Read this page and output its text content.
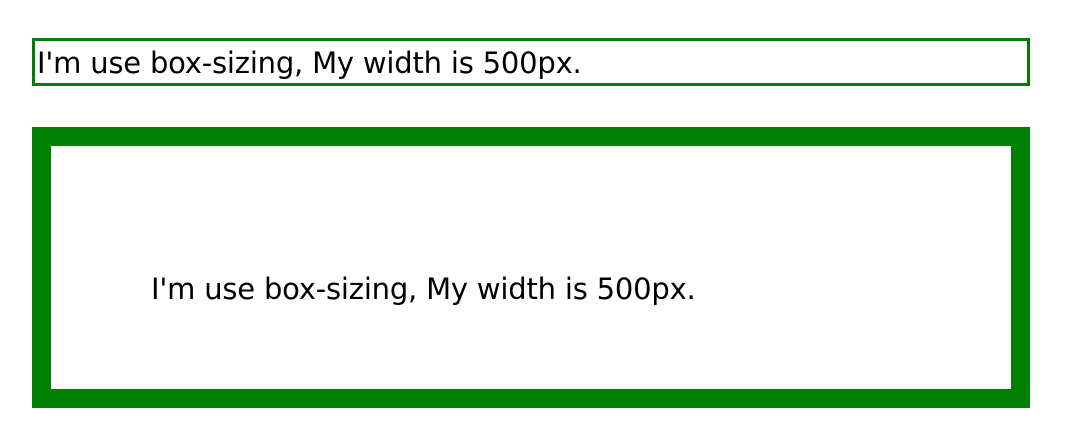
I'm use box-sizing, My width is 500px.
I'm use box-sizing, My width is 500px.
